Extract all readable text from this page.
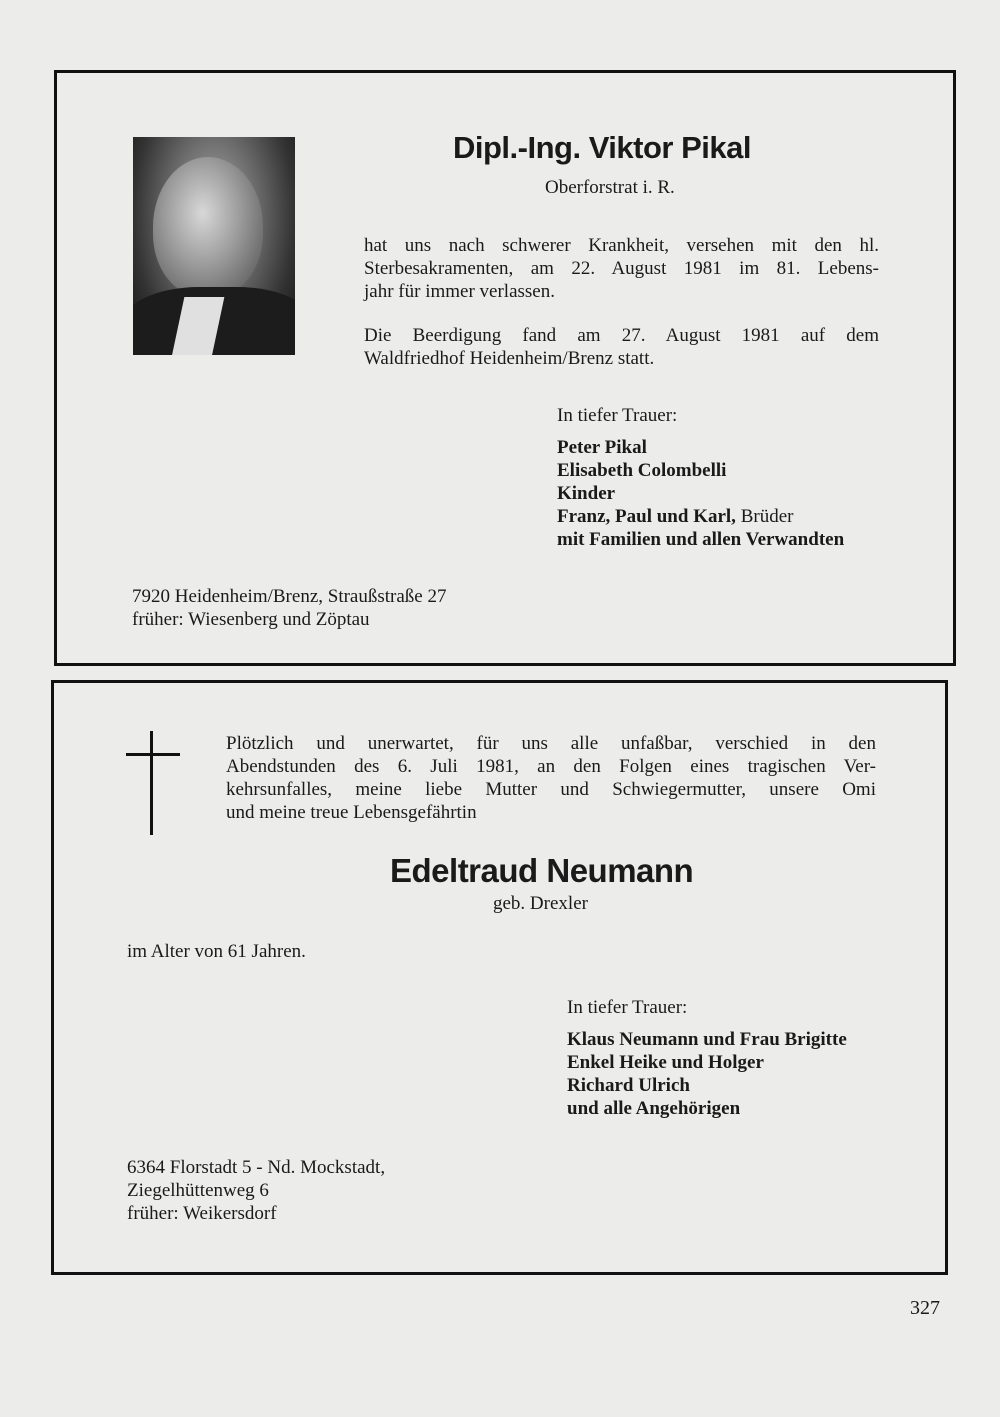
Dipl.-Ing. Viktor Pikal
Oberforstrat i. R.
hat uns nach schwerer Krankheit, versehen mit den hl.
Sterbesakramenten, am 22. August 1981 im 81. Lebens-
jahr für immer verlassen.
Die Beerdigung fand am 27. August 1981 auf dem
Waldfriedhof Heidenheim/Brenz statt.
In tiefer Trauer:
Peter Pikal
Elisabeth Colombelli
Kinder
Franz, Paul und Karl, Brüder
mit Familien und allen Verwandten
7920 Heidenheim/Brenz, Straußstraße 27
früher: Wiesenberg und Zöptau
Plötzlich und unerwartet, für uns alle unfaßbar, verschied in den
Abendstunden des 6. Juli 1981, an den Folgen eines tragischen Ver-
kehrsunfalles, meine liebe Mutter und Schwiegermutter, unsere Omi
und meine treue Lebensgefährtin
Edeltraud Neumann
geb. Drexler
im Alter von 61 Jahren.
In tiefer Trauer:
Klaus Neumann und Frau Brigitte
Enkel Heike und Holger
Richard Ulrich
und alle Angehörigen
6364 Florstadt 5 - Nd. Mockstadt,
Ziegelhüttenweg 6
früher: Weikersdorf
327
